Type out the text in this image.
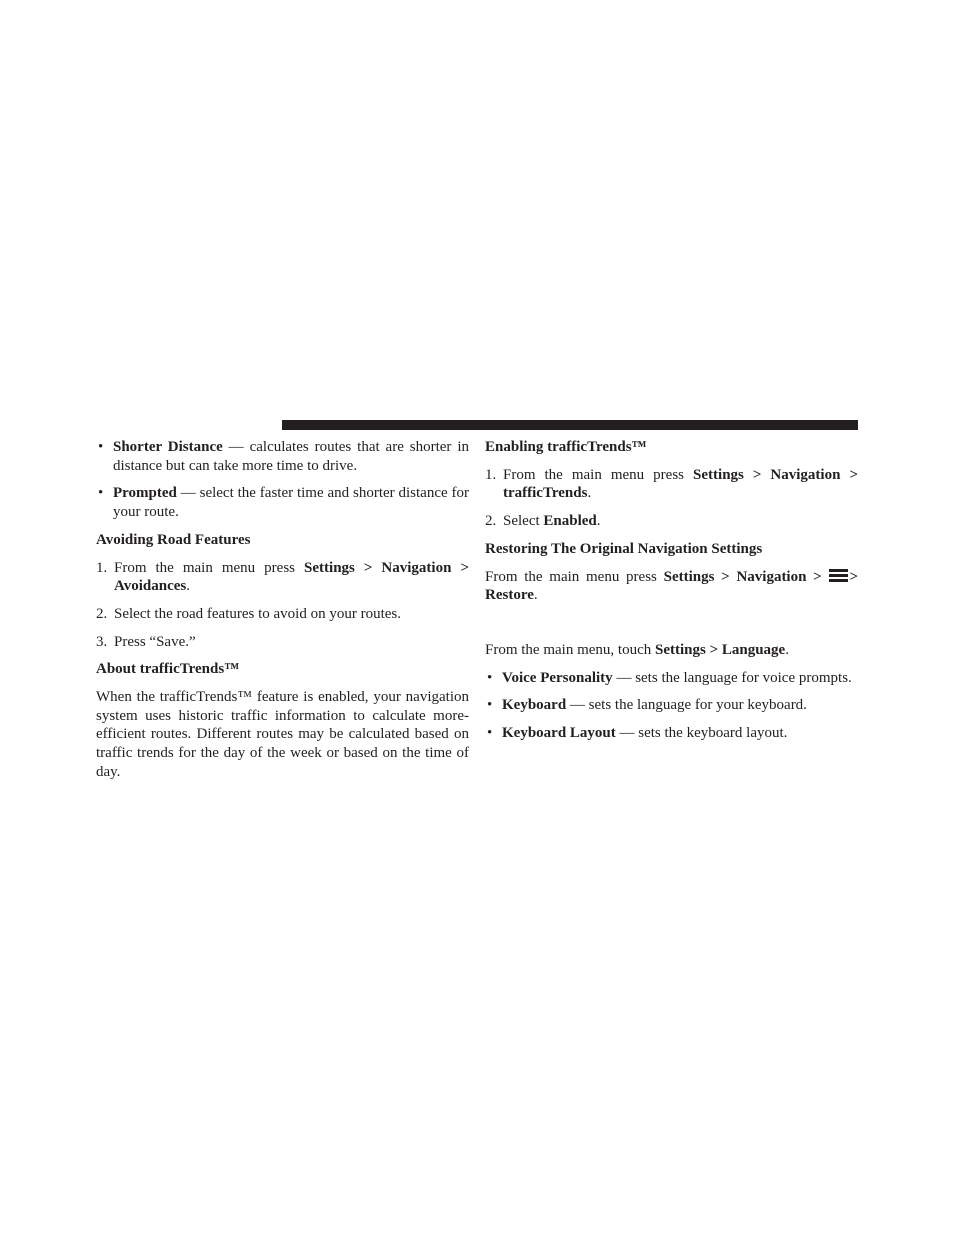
• Shorter Distance — calculates routes that are shorter in distance but can take more time to drive.
• Prompted — select the faster time and shorter distance for your route.
Avoiding Road Features
1. From the main menu press Settings > Navigation > Avoidances.
2. Select the road features to avoid on your routes.
3. Press “Save.”
About trafficTrends™
When the trafficTrends™ feature is enabled, your navigation system uses historic traffic information to calculate more-efficient routes. Different routes may be calculated based on traffic trends for the day of the week or based on the time of day.
Enabling trafficTrends™
1. From the main menu press Settings > Navigation > trafficTrends.
2. Select Enabled.
Restoring The Original Navigation Settings
From the main menu press Settings > Navigation > > Restore.
From the main menu, touch Settings > Language.
• Voice Personality — sets the language for voice prompts.
• Keyboard — sets the language for your keyboard.
• Keyboard Layout — sets the keyboard layout.
